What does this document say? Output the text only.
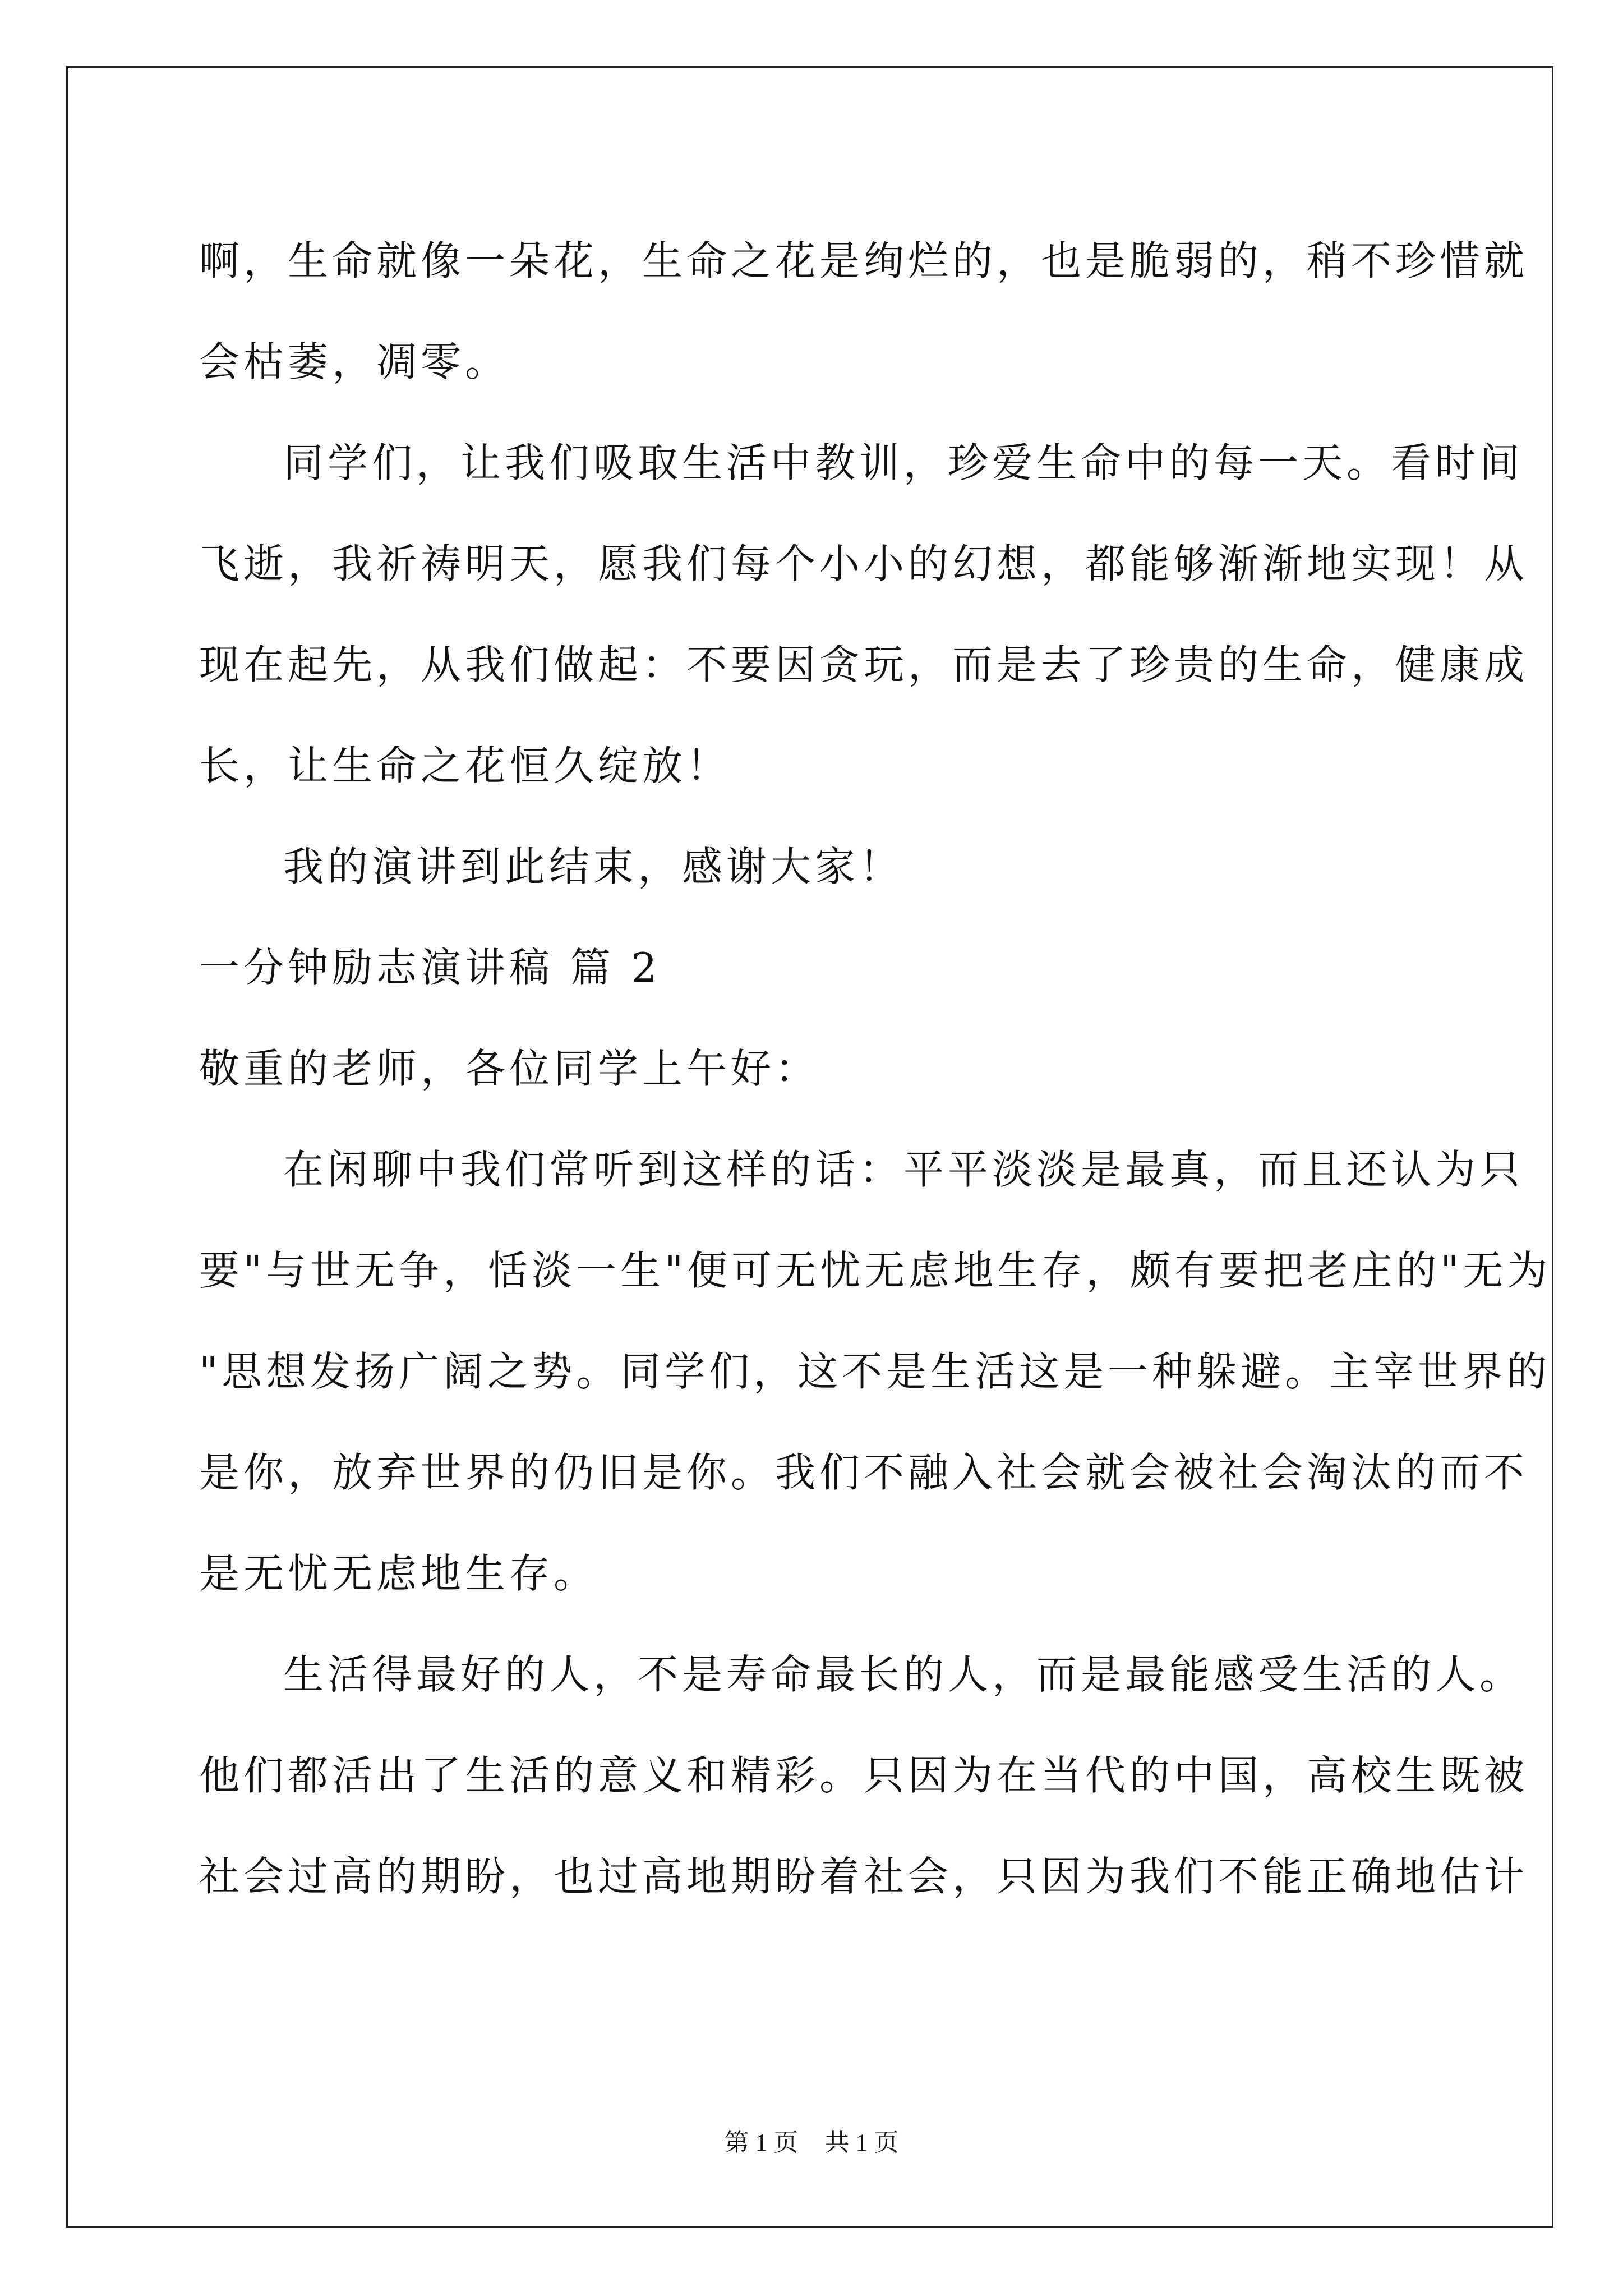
啊，生命就像一朵花，生命之花是绚烂的，也是脆弱的，稍不珍惜就
会枯萎，凋零。
同学们，让我们吸取生活中教训，珍爱生命中的每一天。看时间
飞逝，我祈祷明天，愿我们每个小小的幻想，都能够渐渐地实现！从
现在起先，从我们做起：不要因贪玩，而是去了珍贵的生命，健康成
长，让生命之花恒久绽放！
我的演讲到此结束，感谢大家！
一分钟励志演讲稿 篇 2
敬重的老师，各位同学上午好：
在闲聊中我们常听到这样的话：平平淡淡是最真，而且还认为只
要"与世无争，恬淡一生"便可无忧无虑地生存，颇有要把老庄的"无为
"思想发扬广阔之势。同学们，这不是生活这是一种躲避。主宰世界的
是你，放弃世界的仍旧是你。我们不融入社会就会被社会淘汰的而不
是无忧无虑地生存。
生活得最好的人，不是寿命最长的人，而是最能感受生活的人。
他们都活出了生活的意义和精彩。只因为在当代的中国，高校生既被
社会过高的期盼，也过高地期盼着社会，只因为我们不能正确地估计
第 1 页 共 1 页
